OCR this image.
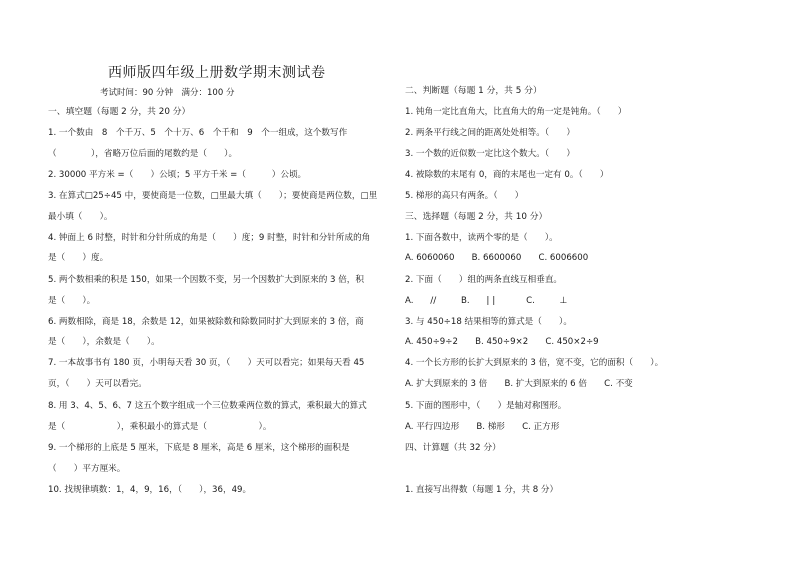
西师版四年级上册数学期末测试卷
考试时间：90 分钟　满分：100 分
一、填空题（每题 2 分，共 20 分）
1. 一个数由　8　个千万、5　个十万、6　个千和　9　个一组成，这个数写作
（　　　　），省略万位后面的尾数约是（　　）。
2. 30000 平方米 =（　　）公顷；5 平方千米 =（　　　）公顷。
3. 在算式□25÷45 中，要使商是一位数，□里最大填（　　）；要使商是两位数，□里
最小填（　　）。
4. 钟面上 6 时整，时针和分针所成的角是（　　）度；9 时整，时针和分针所成的角
是（　　）度。
5. 两个数相乘的积是 150，如果一个因数不变，另一个因数扩大到原来的 3 倍，积
是（　　）。
6. 两数相除，商是 18，余数是 12，如果被除数和除数同时扩大到原来的 3 倍，商
是（　　），余数是（　　）。
7. 一本故事书有 180 页，小明每天看 30 页，（　　）天可以看完；如果每天看 45
页，（　　）天可以看完。
8. 用 3、4、5、6、7 这五个数字组成一个三位数乘两位数的算式，乘积最大的算式
是（　　　　　　），乘积最小的算式是（　　　　　　）。
9. 一个梯形的上底是 5 厘米，下底是 8 厘米，高是 6 厘米，这个梯形的面积是
（　　）平方厘米。
10. 找规律填数：1，4，9，16，（　　），36，49。
二、判断题（每题 1 分，共 5 分）
1. 钝角一定比直角大，比直角大的角一定是钝角。（　　）
2. 两条平行线之间的距离处处相等。（　　）
3. 一个数的近似数一定比这个数大。（　　）
4. 被除数的末尾有 0，商的末尾也一定有 0。（　　）
5. 梯形的高只有两条。（　　）
三、选择题（每题 2 分，共 10 分）
1. 下面各数中，读两个零的是（　　）。
A. 6060060　　B. 6600060　　C. 6006600
2. 下面（　　）组的两条直线互相垂直。
A. //	B. | |	C.	⊥
3. 与 450÷18 结果相等的算式是（　　）。
A. 450÷9÷2　　B. 450÷9×2　　C. 450×2÷9
4. 一个长方形的长扩大到原来的 3 倍，宽不变，它的面积（　　）。
A. 扩大到原来的 3 倍　　B. 扩大到原来的 6 倍　　C. 不变
5. 下面的图形中，（　　）是轴对称图形。
A. 平行四边形　　B. 梯形　　C. 正方形
四、计算题（共 32 分）
1. 直接写出得数（每题 1 分，共 8 分）
